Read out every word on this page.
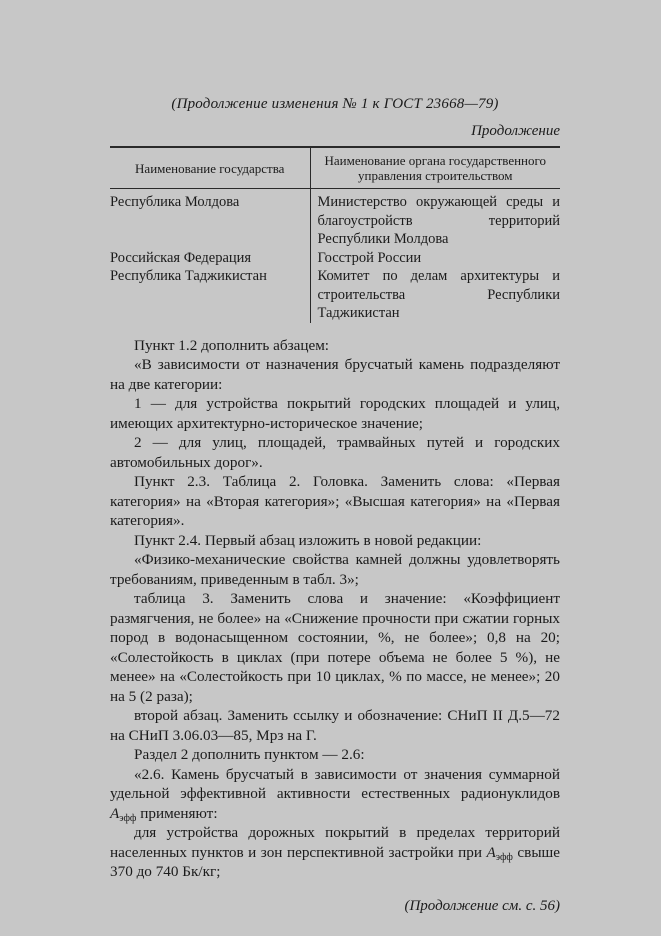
(Продолжение изменения № 1 к ГОСТ 23668—79)
Продолжение
Наименование государства	Наименование органа государственного управления строительством
Республика Молдова	Министерство окружающей среды и благоустройств территорий Республики Молдова
Российская Федерация	Госстрой России
Республика Таджикистан	Комитет по делам архитектуры и строительства Республики Таджикистан

Пункт 1.2 дополнить абзацем:

«В зависимости от назначения брусчатый камень подразделяют на две категории:

1 — для устройства покрытий городских площадей и улиц, имеющих архитектурно-историческое значение;

2 — для улиц, площадей, трамвайных путей и городских автомобильных дорог».

Пункт 2.3. Таблица 2. Головка. Заменить слова: «Первая категория» на «Вторая категория»; «Высшая категория» на «Первая категория».

Пункт 2.4. Первый абзац изложить в новой редакции:

«Физико-механические свойства камней должны удовлетворять требованиям, приведенным в табл. 3»;

таблица 3. Заменить слова и значение: «Коэффициент размягчения, не более» на «Снижение прочности при сжатии горных пород в водонасыщенном состоянии, %, не более»; 0,8 на 20; «Солестойкость в циклах (при потере объема не более 5 %), не менее» на «Солестойкость при 10 циклах, % по массе, не менее»; 20 на 5 (2 раза);

второй абзац. Заменить ссылку и обозначение: СНиП II Д.5—72 на СНиП 3.06.03—85, Мрз на Г.

Раздел 2 дополнить пунктом — 2.6:

«2.6. Камень брусчатый в зависимости от значения суммарной удельной эффективной активности естественных радионуклидов $А_{эфф}$ применяют:

для устройства дорожных покрытий в пределах территорий населенных пунктов и зон перспективной застройки при $А_{эфф}$ свыше 370 до 740 Бк/кг;

(Продолжение см. с. 56)
